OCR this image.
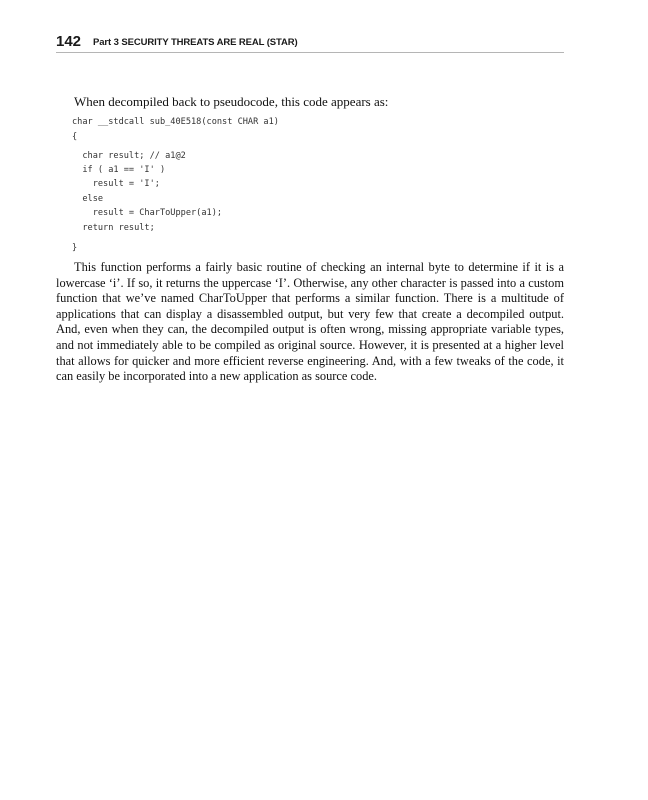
142 Part 3 SECURITY THREATS ARE REAL (STAR)

When decompiled back to pseudocode, this code appears as:

char __stdcall sub_40E518(const CHAR a1)
{
char result; // a1@2
if ( a1 == 'I' )
result = 'I';
else
result = CharToUpper(a1);
return result;
}

This function performs a fairly basic routine of checking an internal byte to determine if it is a lowercase ‘i’. If so, it returns the uppercase ‘I’. Otherwise, any other character is passed into a custom function that we’ve named CharToUpper that performs a similar function. There is a multitude of applications that can display a disassembled output, but very few that create a decompiled output. And, even when they can, the decompiled output is often wrong, missing appropriate variable types, and not immediately able to be compiled as original source. However, it is presented at a higher level that allows for quicker and more efficient reverse engineering. And, with a few tweaks of the code, it can easily be incorporated into a new application as source code.
